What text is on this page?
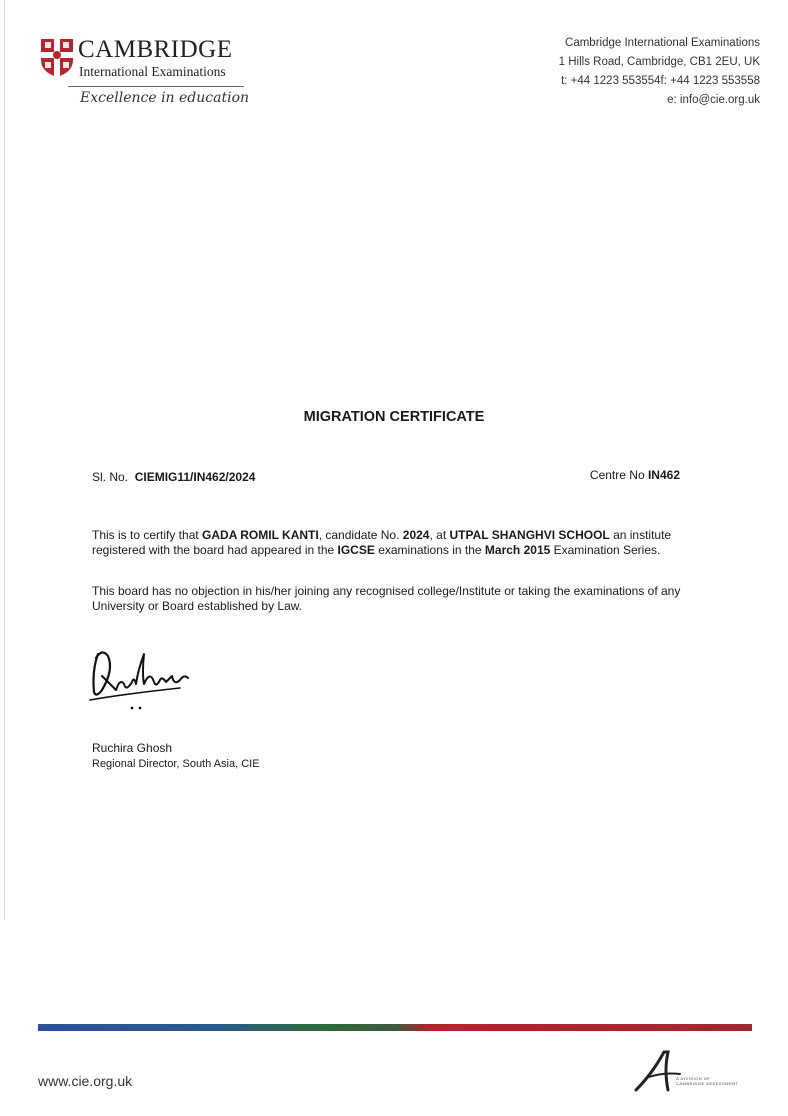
CAMBRIDGE
International Examinations
Excellence in education
Cambridge International Examinations
1 Hills Road, Cambridge, CB1 2EU, UK
t: +44 1223 553554f: +44 1223 553558
e: info@cie.org.uk
MIGRATION CERTIFICATE
Sl. No. CIEMIG11/IN462/2024	Centre No IN462

This is to certify that GADA ROMIL KANTI, candidate No. 2024, at UTPAL SHANGHVI SCHOOL an institute registered with the board had appeared in the IGCSE examinations in the March 2015 Examination Series.

This board has no objection in his/her joining any recognised college/Institute or taking the examinations of any University or Board established by Law.

Ruchira Ghosh
Regional Director, South Asia, CIE
www.cie.org.uk	A DIVISION OF
CAMBRIDGE ASSESSMENT
